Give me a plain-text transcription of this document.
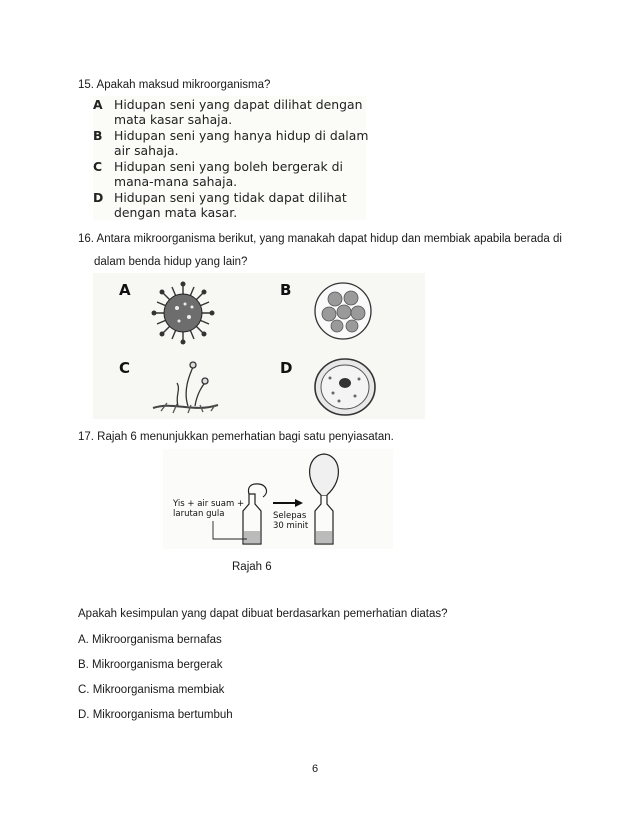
15. Apakah maksud mikroorganisma?
A Hidupan seni yang dapat dilihat dengan
mata kasar sahaja.
B Hidupan seni yang hanya hidup di dalam
air sahaja.
C Hidupan seni yang boleh bergerak di
mana-mana sahaja.
D Hidupan seni yang tidak dapat dilihat
dengan mata kasar.
16. Antara mikroorganisma berikut, yang manakah dapat hidup dan membiak apabila berada di
dalam benda hidup yang lain?
A	B
C	D
17. Rajah 6 menunjukkan pemerhatian bagi satu penyiasatan.
Yis + air suam +
larutan gula	Selepas
30 minit
Rajah 6
Apakah kesimpulan yang dapat dibuat berdasarkan pemerhatian diatas?
A. Mikroorganisma bernafas
B. Mikroorganisma bergerak
C. Mikroorganisma membiak
D. Mikroorganisma bertumbuh
6
